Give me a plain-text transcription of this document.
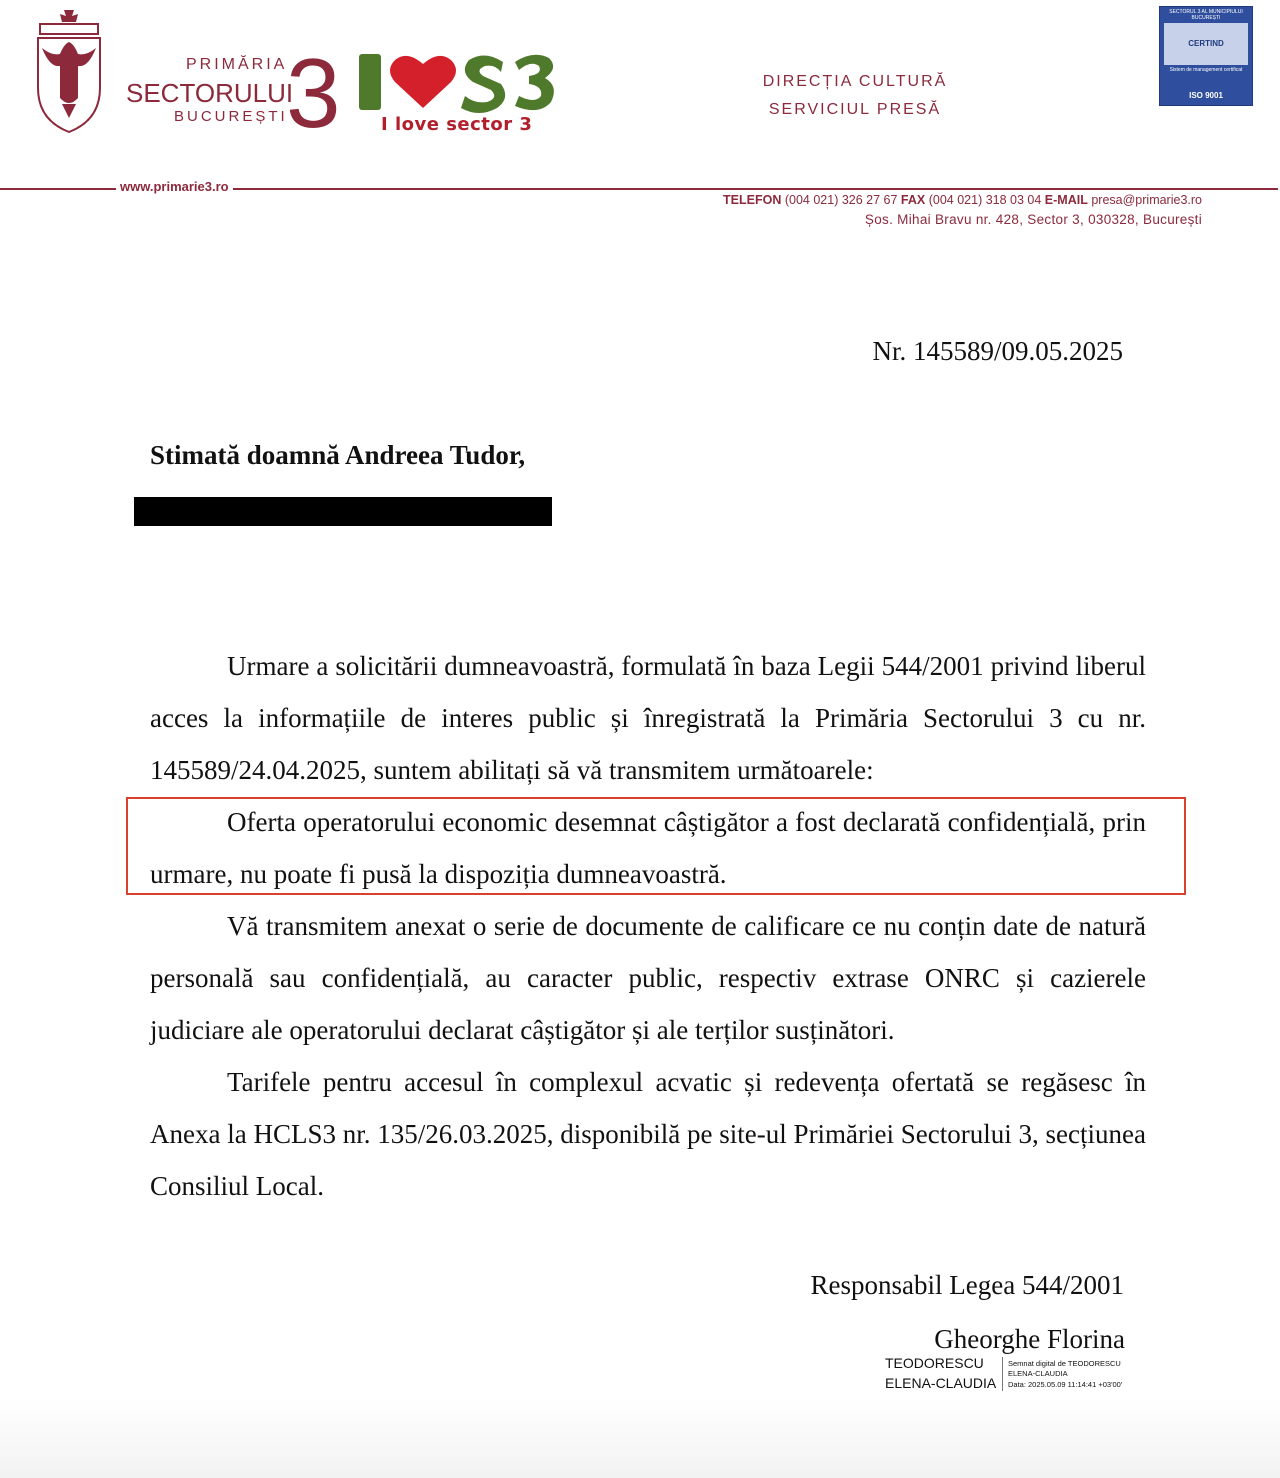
PRIMĂRIA
SECTORULUI
BUCUREȘTI
3 I love sector 3
DIRECȚIA CULTURĂ
SERVICIUL PRESĂ
SECTORUL 3 AL MUNICIPIULUI BUCUREȘTI
CERTIND
Sistem de management certificat
ISO 9001
www.primarie3.ro
TELEFON (004 021) 326 27 67 FAX (004 021) 318 03 04 E-MAIL presa@primarie3.ro
Șos. Mihai Bravu nr. 428, Sector 3, 030328, București
Nr. 145589/09.05.2025
Stimată doamnă Andreea Tudor,

Urmare a solicitării dumneavoastră, formulată în baza Legii 544/2001 privind liberul acces la informațiile de interes public și înregistrată la Primăria Sectorului 3 cu nr. 145589/24.04.2025, suntem abilitați să vă transmitem următoarele:

Oferta operatorului economic desemnat câștigător a fost declarată confidențială, prin urmare, nu poate fi pusă la dispoziția dumneavoastră.

Vă transmitem anexat o serie de documente de calificare ce nu conțin date de natură personală sau confidențială, au caracter public, respectiv extrase ONRC și cazierele judiciare ale operatorului declarat câștigător și ale terților susținători.

Tarifele pentru accesul în complexul acvatic și redevența ofertată se regăsesc în Anexa la HCLS3 nr. 135/26.03.2025, disponibilă pe site-ul Primăriei Sectorului 3, secțiunea Consiliul Local.

Responsabil Legea 544/2001
Gheorghe Florina
TEODORESCU
ELENA-CLAUDIA
Semnat digital de TEODORESCU
ELENA-CLAUDIA
Data: 2025.05.09 11:14:41 +03'00'
